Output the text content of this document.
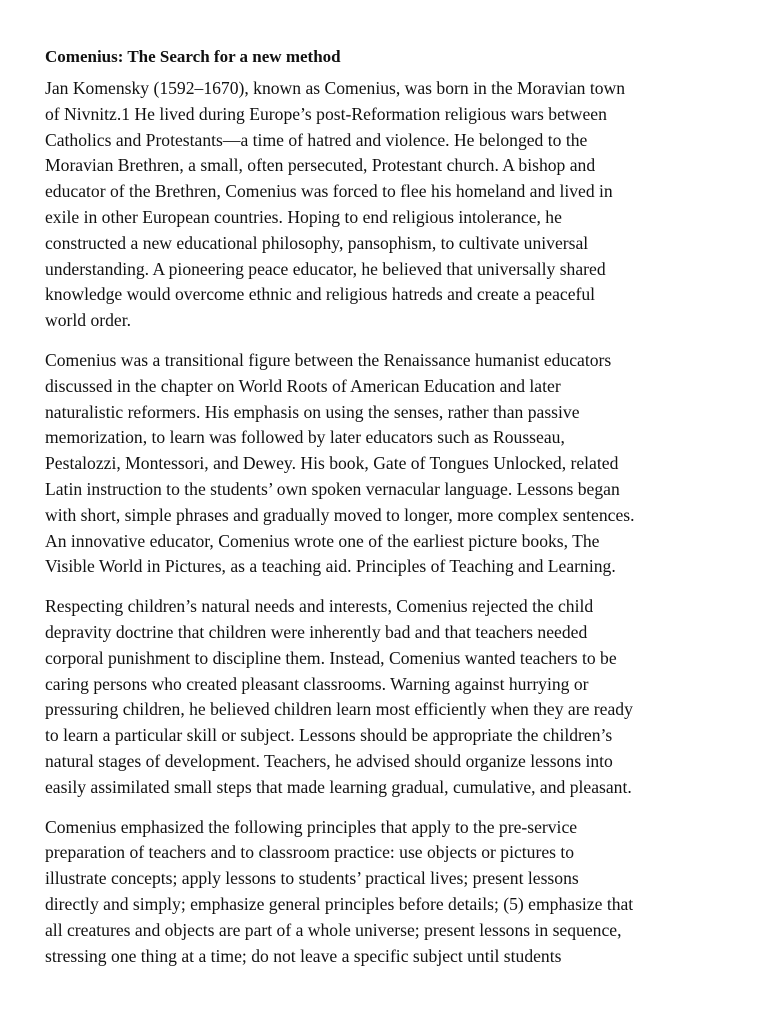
Comenius: The Search for a new method
Jan Komensky (1592–1670), known as Comenius, was born in the Moravian town
of Nivnitz.1 He lived during Europe’s post-Reformation religious wars between
Catholics and Protestants—a time of hatred and violence. He belonged to the
Moravian Brethren, a small, often persecuted, Protestant church. A bishop and
educator of the Brethren, Comenius was forced to flee his homeland and lived in
exile in other European countries. Hoping to end religious intolerance, he
constructed a new educational philosophy, pansophism, to cultivate universal
understanding. A pioneering peace educator, he believed that universally shared
knowledge would overcome ethnic and religious hatreds and create a peaceful
world order.
Comenius was a transitional figure between the Renaissance humanist educators
discussed in the chapter on World Roots of American Education and later
naturalistic reformers. His emphasis on using the senses, rather than passive
memorization, to learn was followed by later educators such as Rousseau,
Pestalozzi, Montessori, and Dewey. His book, Gate of Tongues Unlocked, related
Latin instruction to the students’ own spoken vernacular language. Lessons began
with short, simple phrases and gradually moved to longer, more complex sentences.
An innovative educator, Comenius wrote one of the earliest picture books, The
Visible World in Pictures, as a teaching aid. Principles of Teaching and Learning.
Respecting children’s natural needs and interests, Comenius rejected the child
depravity doctrine that children were inherently bad and that teachers needed
corporal punishment to discipline them. Instead, Comenius wanted teachers to be
caring persons who created pleasant classrooms. Warning against hurrying or
pressuring children, he believed children learn most efficiently when they are ready
to learn a particular skill or subject. Lessons should be appropriate the children’s
natural stages of development. Teachers, he advised should organize lessons into
easily assimilated small steps that made learning gradual, cumulative, and pleasant.
Comenius emphasized the following principles that apply to the pre-service
preparation of teachers and to classroom practice: use objects or pictures to
illustrate concepts; apply lessons to students’ practical lives; present lessons
directly and simply; emphasize general principles before details; (5) emphasize that
all creatures and objects are part of a whole universe; present lessons in sequence,
stressing one thing at a time; do not leave a specific subject until students
